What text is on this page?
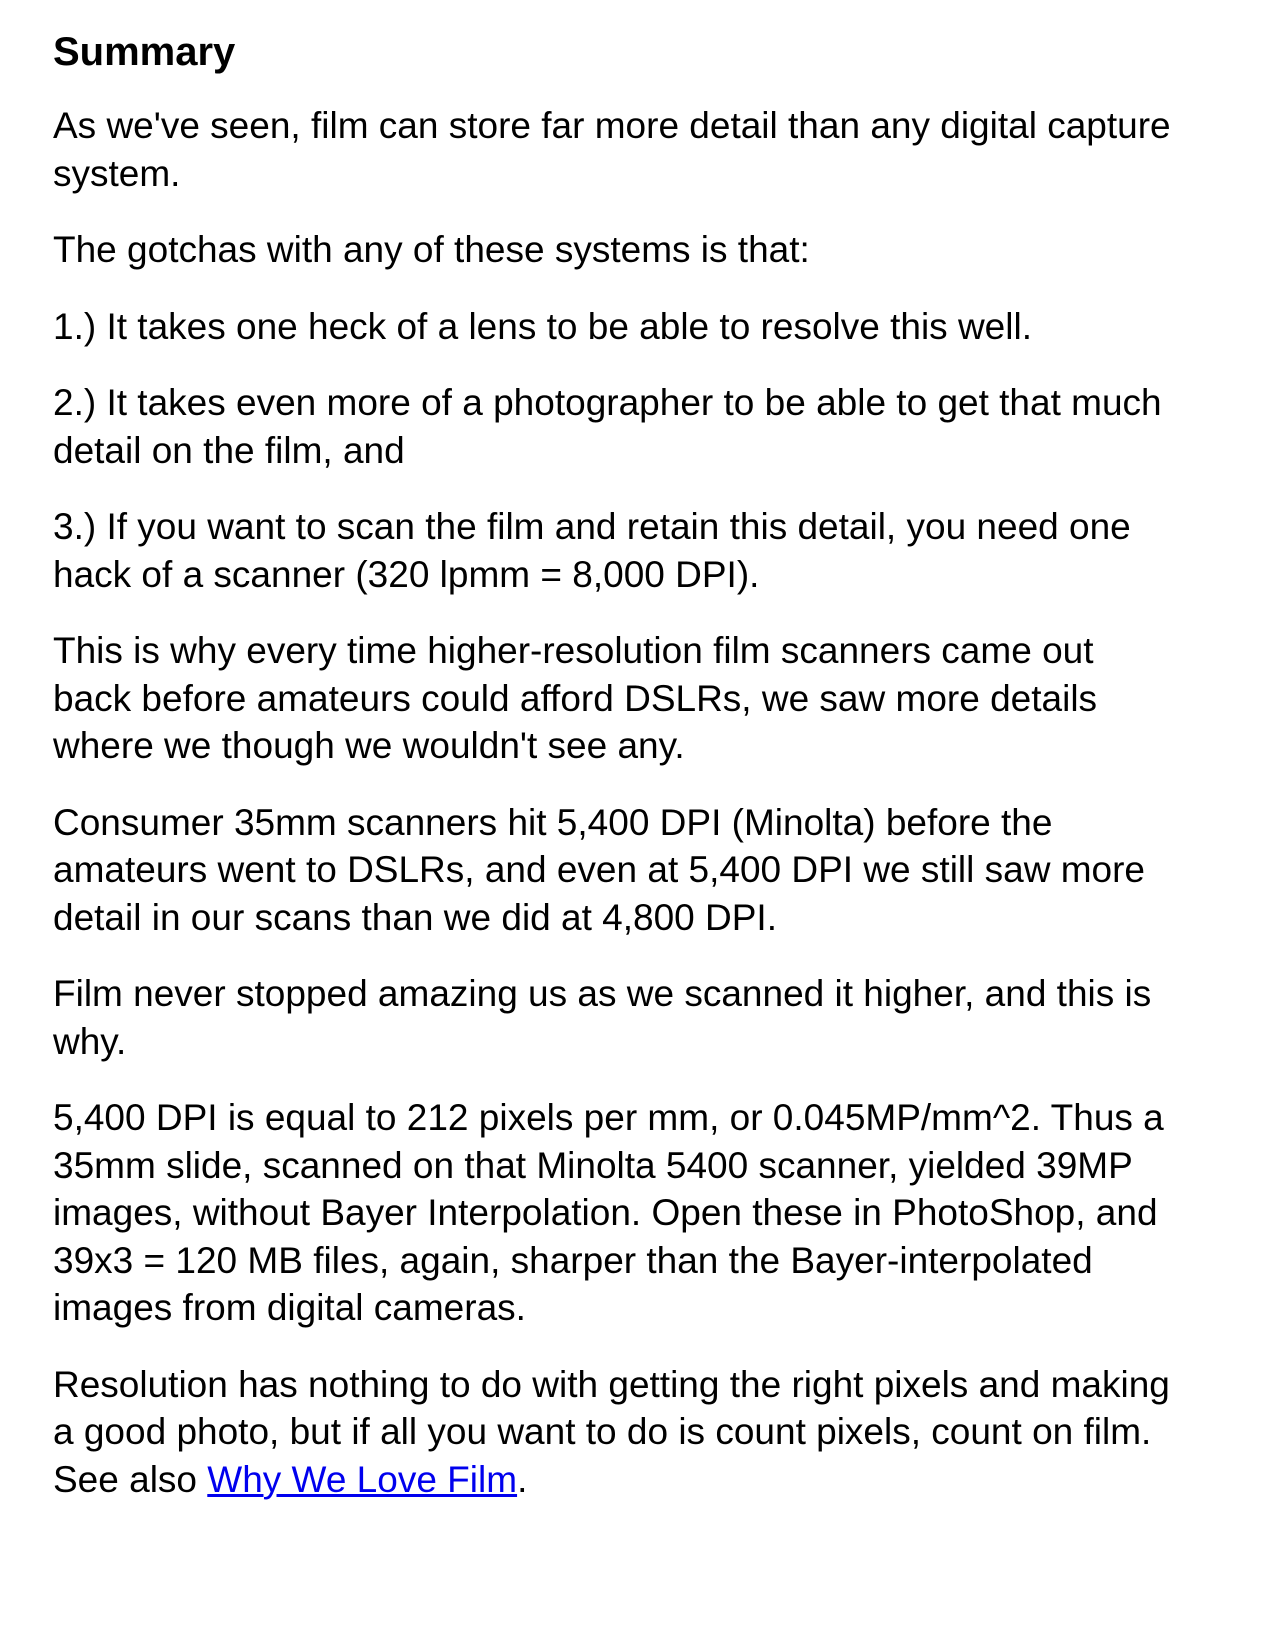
Summary

As we've seen, film can store far more detail than any digital capture system.

The gotchas with any of these systems is that:

1.) It takes one heck of a lens to be able to resolve this well.

2.) It takes even more of a photographer to be able to get that much detail on the film, and

3.) If you want to scan the film and retain this detail, you need one hack of a scanner (320 lpmm = 8,000 DPI).

This is why every time higher-resolution film scanners came out back before amateurs could afford DSLRs, we saw more details where we though we wouldn't see any.

Consumer 35mm scanners hit 5,400 DPI (Minolta) before the amateurs went to DSLRs, and even at 5,400 DPI we still saw more detail in our scans than we did at 4,800 DPI.

Film never stopped amazing us as we scanned it higher, and this is why.

5,400 DPI is equal to 212 pixels per mm, or 0.045MP/mm^2. Thus a 35mm slide, scanned on that Minolta 5400 scanner, yielded 39MP images, without Bayer Interpolation. Open these in PhotoShop, and 39x3 = 120 MB files, again, sharper than the Bayer-interpolated images from digital cameras.

Resolution has nothing to do with getting the right pixels and making a good photo, but if all you want to do is count pixels, count on film. See also Why We Love Film.
